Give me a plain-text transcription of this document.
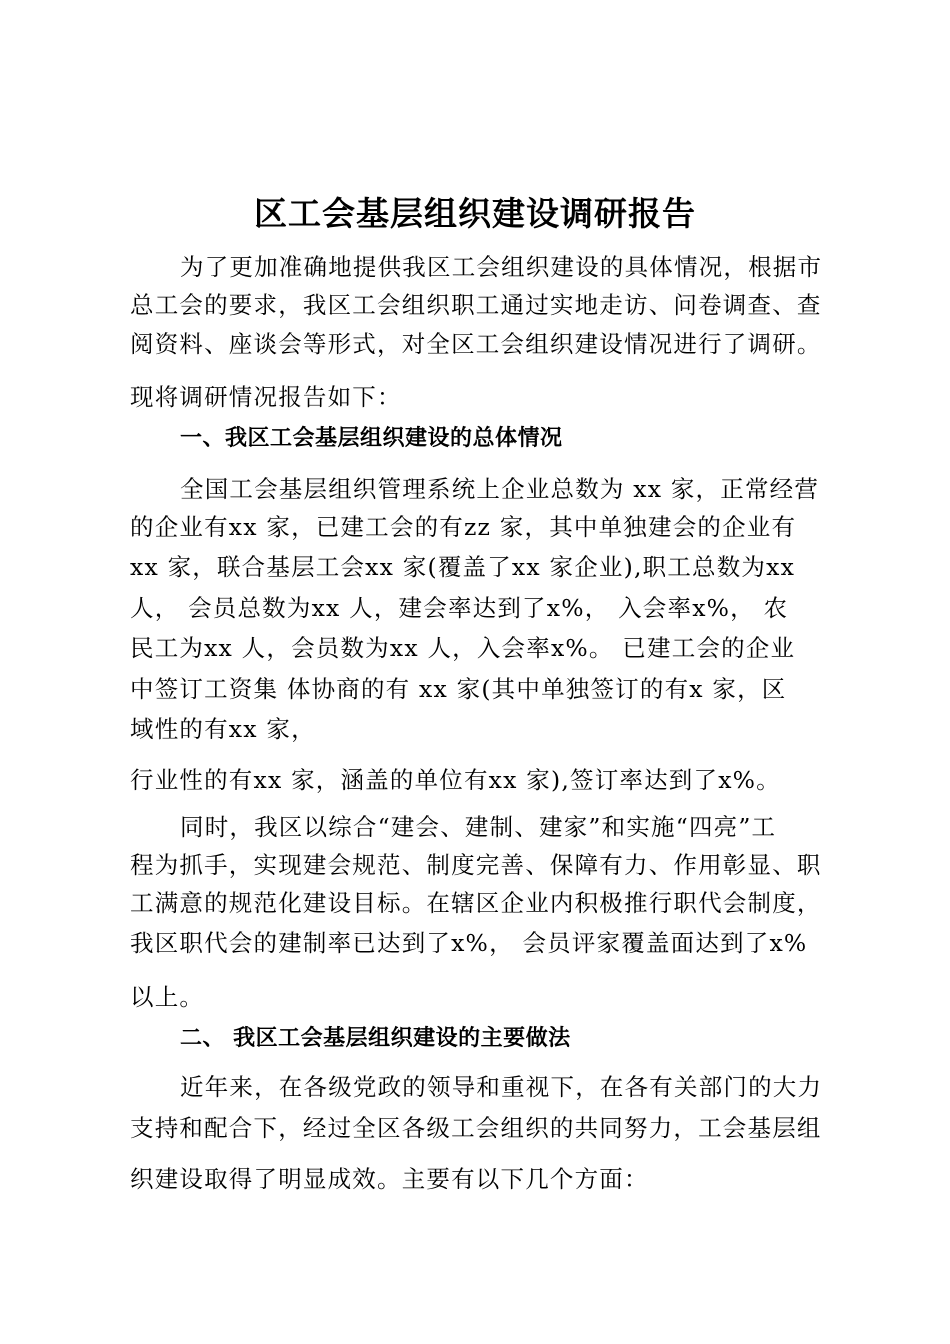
区工会基层组织建设调研报告
为了更加准确地提供我区工会组织建设的具体情况，根据市
总工会的要求，我区工会组织职工通过实地走访、问卷调查、查
阅资料、座谈会等形式，对全区工会组织建设情况进行了调研。
现将调研情况报告如下：
一、我区工会基层组织建设的总体情况
全国工会基层组织管理系统上企业总数为 xx 家，正常经营
的企业有xx 家，已建工会的有zz 家，其中单独建会的企业有
xx 家，联合基层工会xx 家(覆盖了xx 家企业),职工总数为xx
人， 会员总数为xx 人，建会率达到了x%， 入会率x%， 农
民工为xx 人，会员数为xx 人，入会率x%。 已建工会的企业
中签订工资集 体协商的有 xx 家(其中单独签订的有x 家，区
域性的有xx 家，
行业性的有xx 家，涵盖的单位有xx 家),签订率达到了x%。
同时，我区以综合“建会、建制、建家”和实施“四亮”工
程为抓手，实现建会规范、制度完善、保障有力、作用彰显、职
工满意的规范化建设目标。在辖区企业内积极推行职代会制度，
我区职代会的建制率已达到了x%， 会员评家覆盖面达到了x%
以上。
二、 我区工会基层组织建设的主要做法
近年来，在各级党政的领导和重视下，在各有关部门的大力
支持和配合下，经过全区各级工会组织的共同努力，工会基层组
织建设取得了明显成效。主要有以下几个方面：
